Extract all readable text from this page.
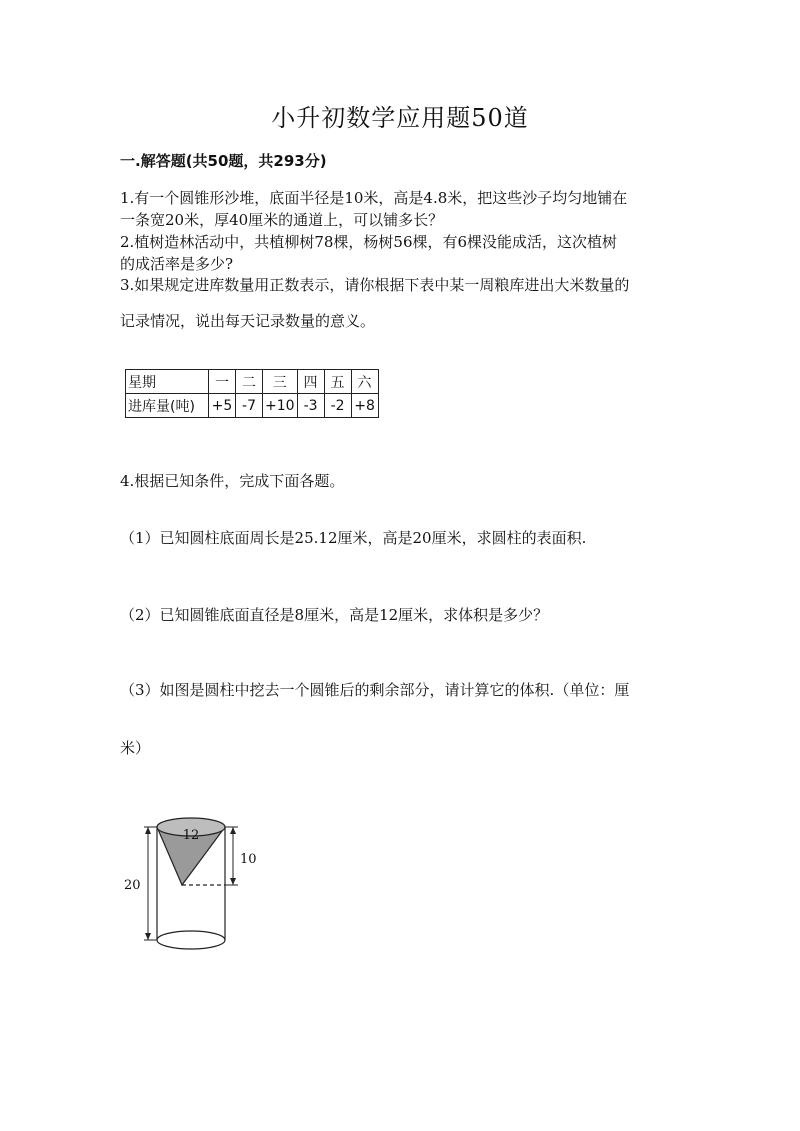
小升初数学应用题50道
一.解答题(共50题，共293分)
1.有一个圆锥形沙堆，底面半径是10米，高是4.8米，把这些沙子均匀地铺在
一条宽20米，厚40厘米的通道上，可以铺多长？
2.植树造林活动中，共植柳树78棵，杨树56棵，有6棵没能成活，这次植树
的成活率是多少?
3.如果规定进库数量用正数表示，请你根据下表中某一周粮库进出大米数量的
记录情况，说出每天记录数量的意义。
星期	一	二	三	四	五	六
进库量(吨)	+5	-7	+10	-3	-2	+8
4.根据已知条件，完成下面各题。
（1）已知圆柱底面周长是25.12厘米，高是20厘米，求圆柱的表面积.
（2）已知圆锥底面直径是8厘米，高是12厘米，求体积是多少？
（3）如图是圆柱中挖去一个圆锥后的剩余部分，请计算它的体积.（单位：厘
米）
12
10
20
